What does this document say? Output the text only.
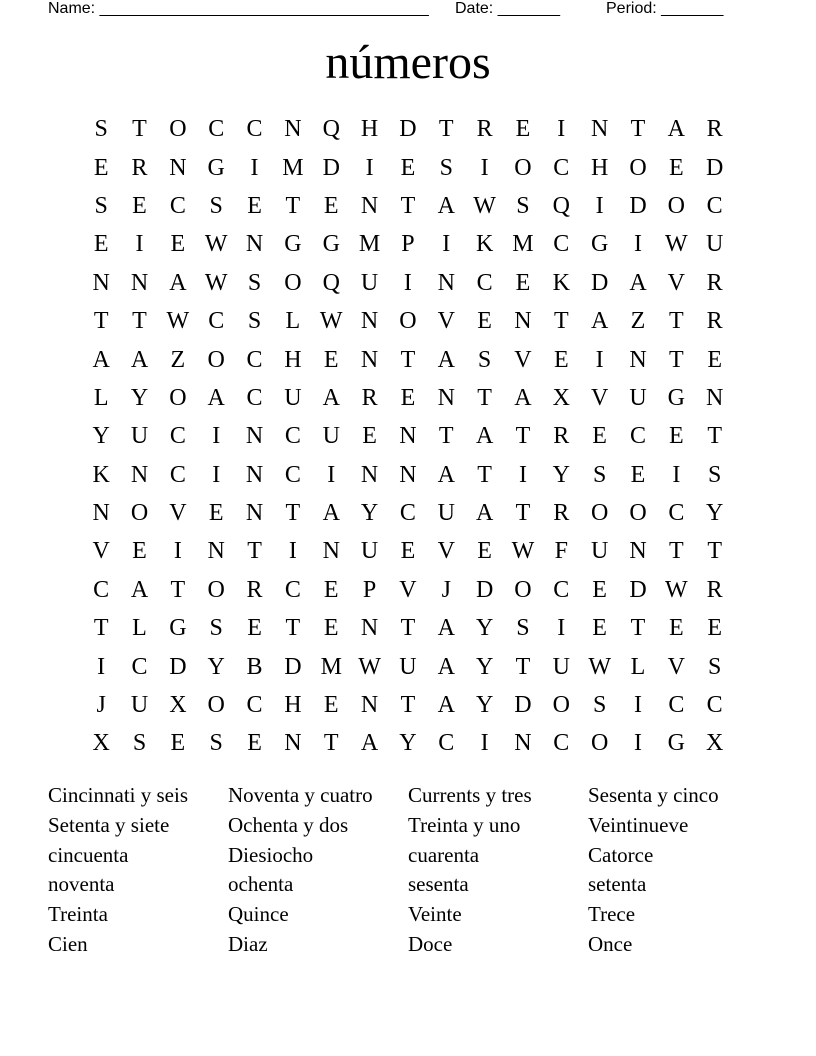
Name: _____________________________________ Date: _______	Period: _______
números
S	T O C C N Q H D T R E	I	N T A R
E R N G	I M D	I	E	S	I	O C H O E D
S	E C S	E T E N T A W S Q	I	D O C
E	I	E W N G G M P	I	K M C G	I W U
N N A W S O Q U	I	N C E K D A V R
T T W C S	L W N O V E N T A Z T R
A A Z O C H E N T A S V E	I	N T E
L Y O A C U A R E N T A X V U G N
Y U C	I	N C U E N T A T R E C E T
K N C	I	N C	I	N N A T	I	Y S	E	I	S
N O V E N T A Y C U A T R O O C Y
V E	I	N T	I	N U E V E W F U N T T
C A T O R C E	P V	J	D O C E D W R
T L G S	E T E N T A Y S	I	E T E E
I	C D Y B D M W U A Y T U W L V S
J	U X O C H E N T A Y D O S	I	C C
X S	E	S	E N T A Y C	I	N C O	I	G X
Cincinnati y seis	Noventa y cuatro	Currents y tres	Sesenta y cinco
Setenta y siete	Ochenta y dos	Treinta y uno	Veintinueve
cincuenta	Diesiocho	cuarenta	Catorce
noventa	ochenta	sesenta	setenta
Treinta	Quince	Veinte	Trece
Cien	Diaz	Doce	Once
